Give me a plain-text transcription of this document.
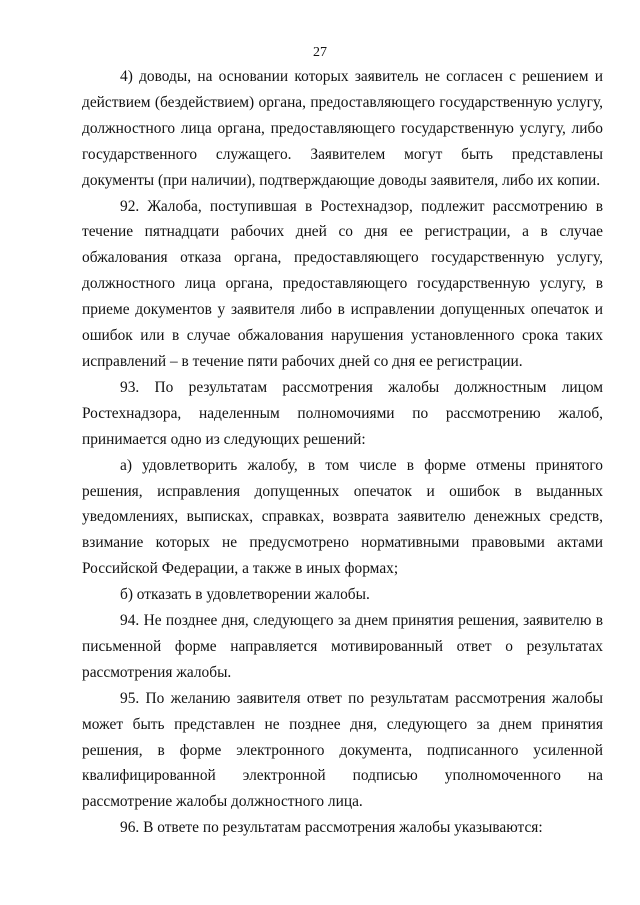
27

4) доводы, на основании которых заявитель не согласен с решением и действием (бездействием) органа, предоставляющего государственную услугу, должностного лица органа, предоставляющего государственную услугу, либо государственного служащего. Заявителем могут быть представлены документы (при наличии), подтверждающие доводы заявителя, либо их копии.

92. Жалоба, поступившая в Ростехнадзор, подлежит рассмотрению в течение пятнадцати рабочих дней со дня ее регистрации, а в случае обжалования отказа органа, предоставляющего государственную услугу, должностного лица органа, предоставляющего государственную услугу, в приеме документов у заявителя либо в исправлении допущенных опечаток и ошибок или в случае обжалования нарушения установленного срока таких исправлений – в течение пяти рабочих дней со дня ее регистрации.

93. По результатам рассмотрения жалобы должностным лицом Ростехнадзора, наделенным полномочиями по рассмотрению жалоб, принимается одно из следующих решений:

а) удовлетворить жалобу, в том числе в форме отмены принятого решения, исправления допущенных опечаток и ошибок в выданных уведомлениях, выписках, справках, возврата заявителю денежных средств, взимание которых не предусмотрено нормативными правовыми актами Российской Федерации, а также в иных формах;

б) отказать в удовлетворении жалобы.

94. Не позднее дня, следующего за днем принятия решения, заявителю в письменной форме направляется мотивированный ответ о результатах рассмотрения жалобы.

95. По желанию заявителя ответ по результатам рассмотрения жалобы может быть представлен не позднее дня, следующего за днем принятия решения, в форме электронного документа, подписанного усиленной квалифицированной электронной подписью уполномоченного на рассмотрение жалобы должностного лица.

96. В ответе по результатам рассмотрения жалобы указываются:
